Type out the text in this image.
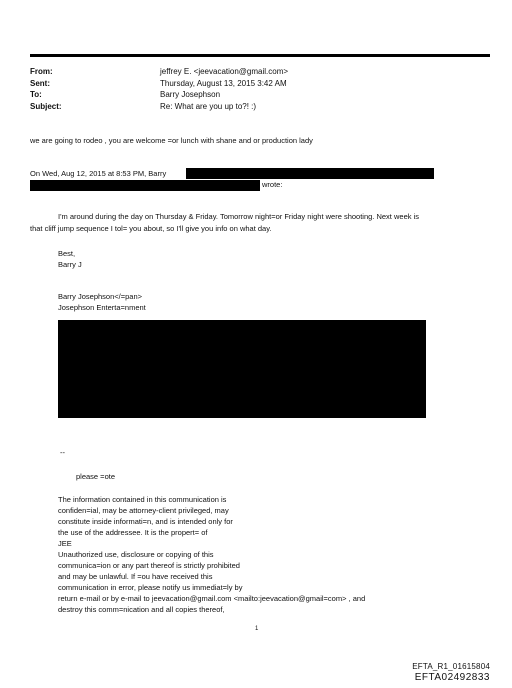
From:	jeffrey E. <jeevacation@gmail.com>
Sent:	Thursday, August 13, 2015 3:42 AM
To:	Barry Josephson
Subject:	Re: What are you up to?! :)
we are going to rodeo , you are welcome =or lunch with shane and or production lady
On Wed, Aug 12, 2015 at 8:53 PM, Barry
wrote:
I'm around during the day on Thursday & Friday. Tomorrow night=or Friday night were shooting. Next week is
that cliff jump sequence I tol= you about, so I'll give you info on what day.
Best,
Barry J
Barry Josephson</=pan>
Josephson Enterta=nment
--
please =ote
The information contained in this communication is
confiden=ial, may be attorney-client privileged, may
constitute inside informati=n, and is intended only for
the use of the addressee. It is the propert= of
JEE
Unauthorized use, disclosure or copying of this
communica=ion or any part thereof is strictly prohibited
and may be unlawful. If =ou have received this
communication in error, please notify us immediat=ly by
return e-mail or by e-mail to jeevacation@gmail.com <mailto:jeevacation@gmail=com> , and
destroy this comm=nication and all copies thereof,
1
EFTA_R1_01615804
EFTA02492833
